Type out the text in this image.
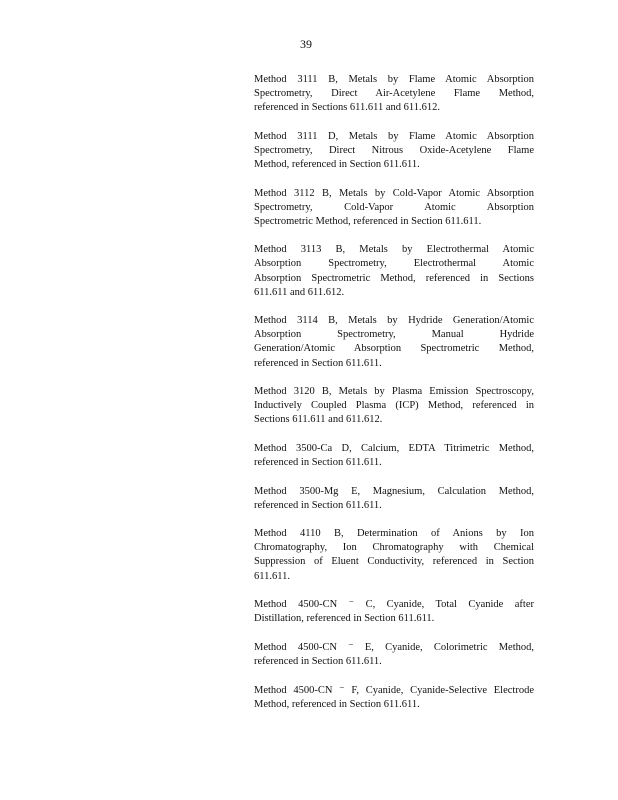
39
Method 3111 B, Metals by Flame Atomic Absorption
Spectrometry, Direct Air-Acetylene Flame Method,
referenced in Sections 611.611 and 611.612.
Method 3111 D, Metals by Flame Atomic Absorption
Spectrometry, Direct Nitrous Oxide-Acetylene Flame
Method, referenced in Section 611.611.
Method 3112 B, Metals by Cold-Vapor Atomic Absorption
Spectrometry, Cold-Vapor Atomic Absorption
Spectrometric Method, referenced in Section 611.611.
Method 3113 B, Metals by Electrothermal Atomic
Absorption Spectrometry, Electrothermal Atomic
Absorption Spectrometric Method, referenced in Sections
611.611 and 611.612.
Method 3114 B, Metals by Hydride Generation/Atomic
Absorption Spectrometry, Manual Hydride
Generation/Atomic Absorption Spectrometric Method,
referenced in Section 611.611.
Method 3120 B, Metals by Plasma Emission Spectroscopy,
Inductively Coupled Plasma (ICP) Method, referenced in
Sections 611.611 and 611.612.
Method 3500-Ca D, Calcium, EDTA Titrimetric Method,
referenced in Section 611.611.
Method 3500-Mg E, Magnesium, Calculation Method,
referenced in Section 611.611.
Method 4110 B, Determination of Anions by Ion
Chromatography, Ion Chromatography with Chemical
Suppression of Eluent Conductivity, referenced in Section
611.611.
Method 4500-CN ⁻ C, Cyanide, Total Cyanide after
Distillation, referenced in Section 611.611.
Method 4500-CN ⁻ E, Cyanide, Colorimetric Method,
referenced in Section 611.611.
Method 4500-CN ⁻ F, Cyanide, Cyanide-Selective Electrode
Method, referenced in Section 611.611.
